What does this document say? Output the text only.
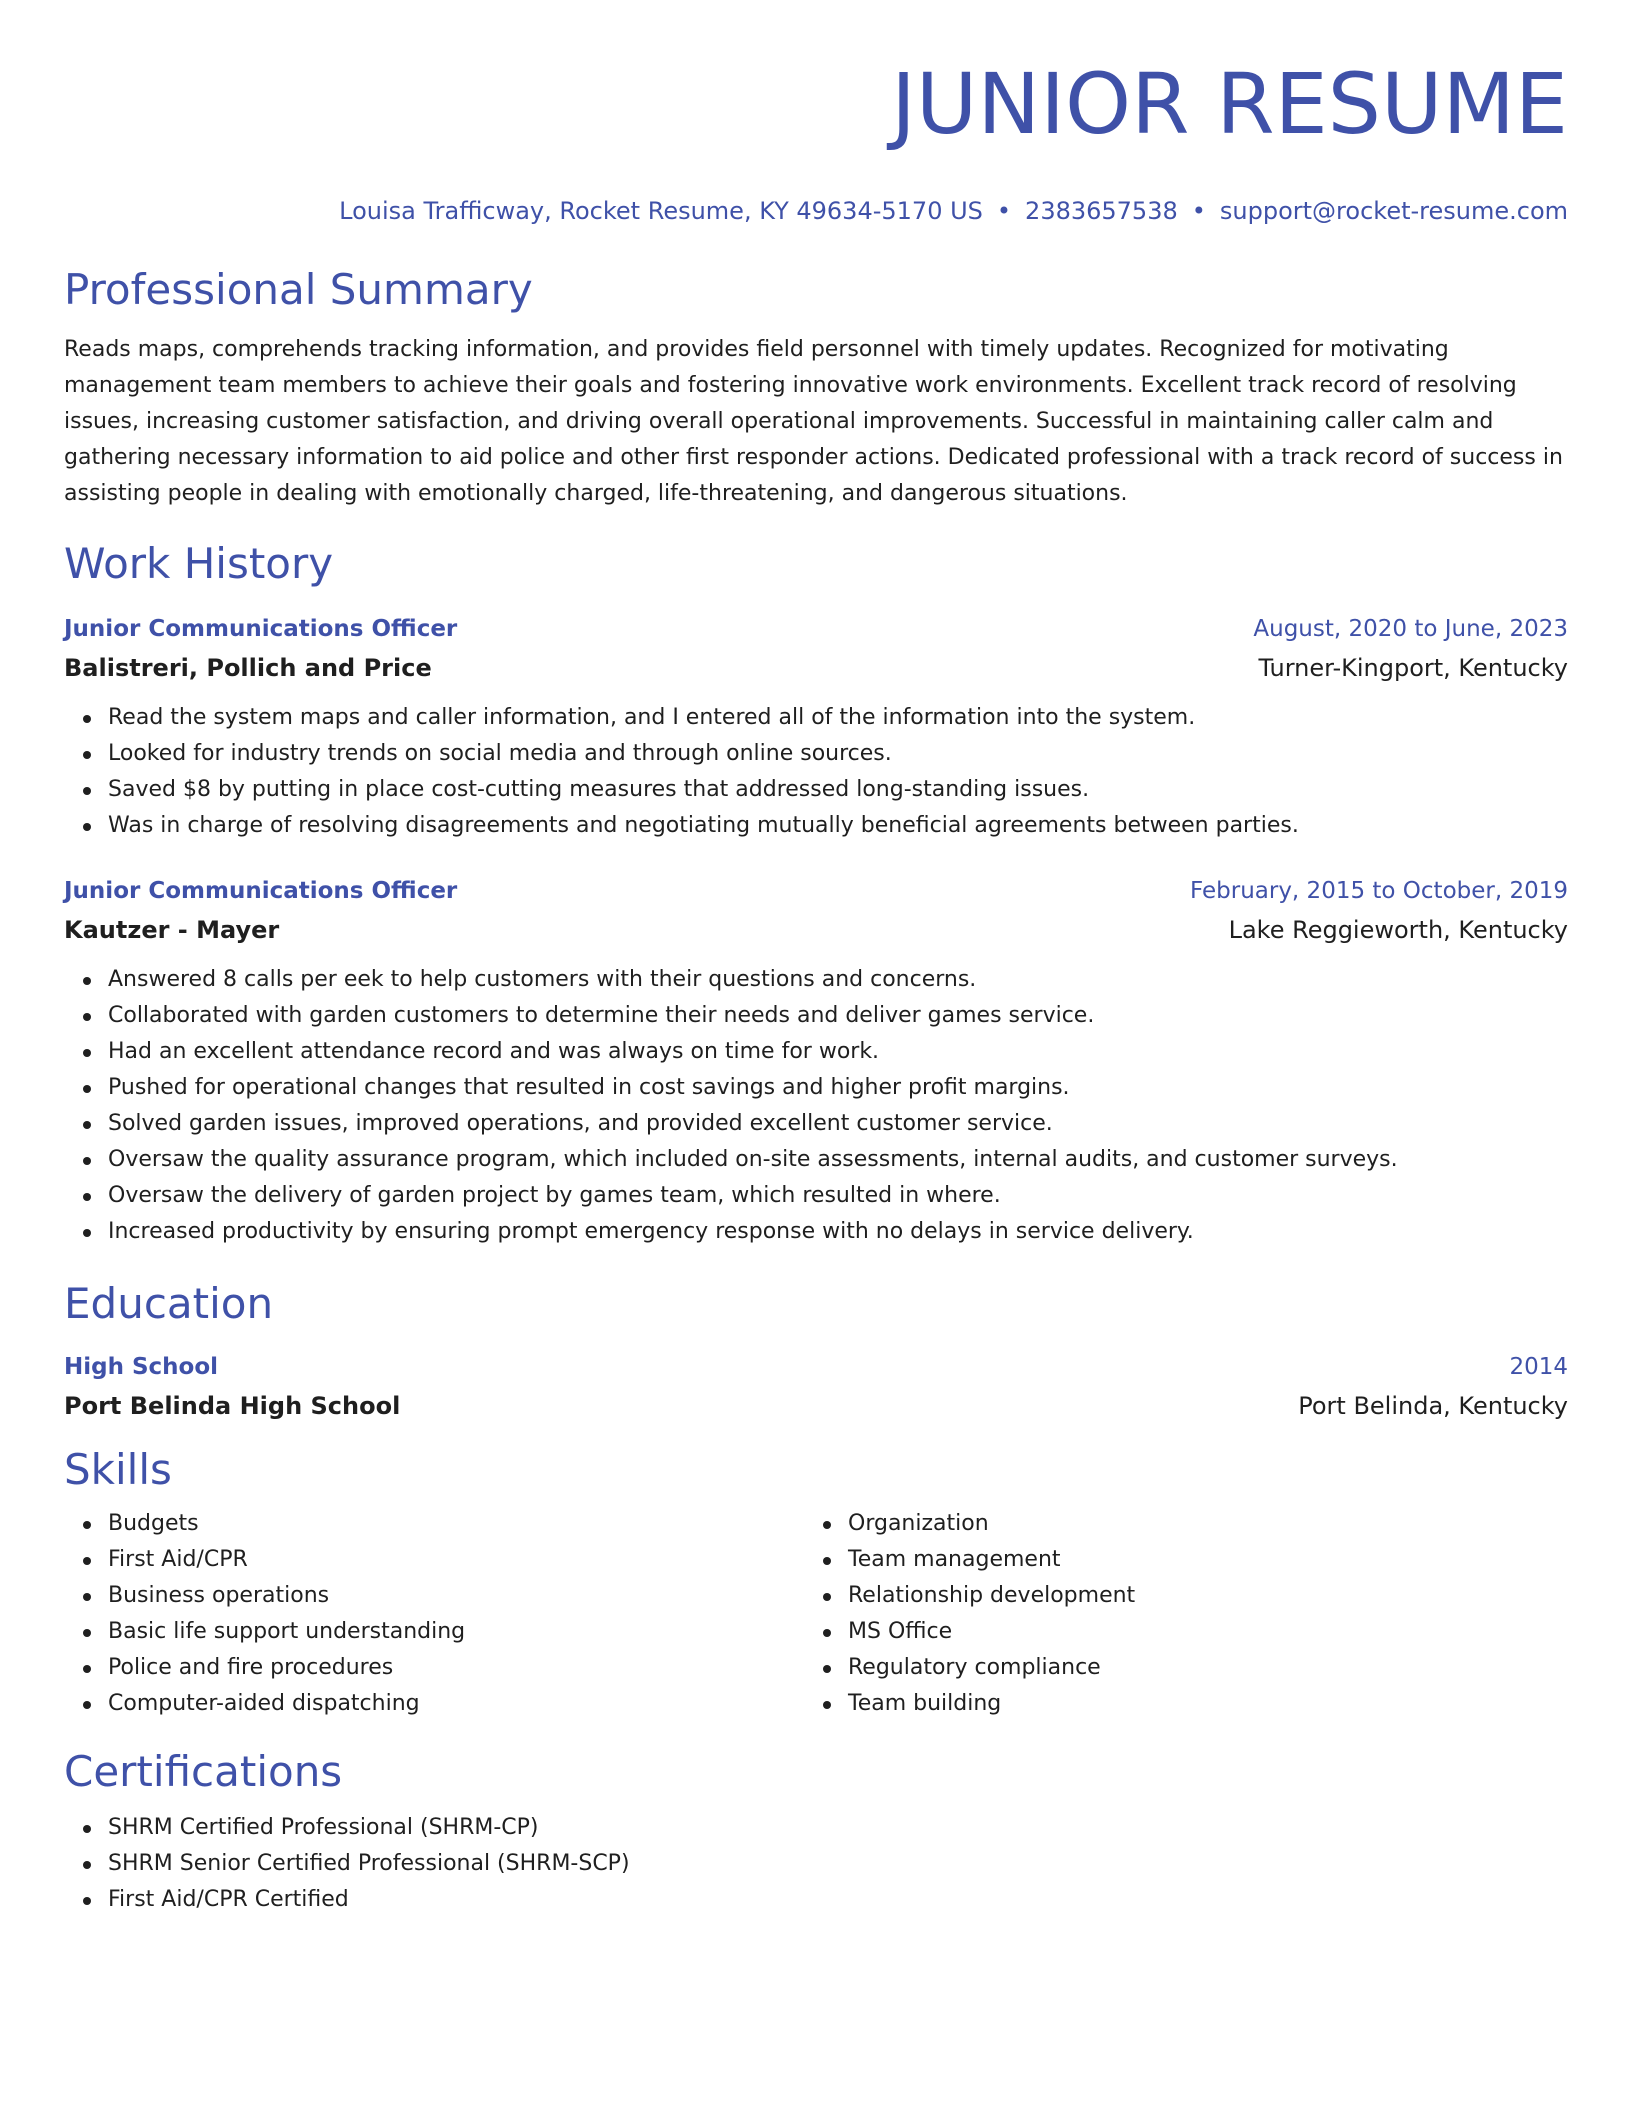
JUNIOR RESUME
Louisa Trafficway, Rocket Resume, KY 49634-5170 US • 2383657538 • support@rocket-resume.com
Professional Summary
Reads maps, comprehends tracking information, and provides field personnel with timely updates. Recognized for motivating management team members to achieve their goals and fostering innovative work environments. Excellent track record of resolving issues, increasing customer satisfaction, and driving overall operational improvements. Successful in maintaining caller calm and gathering necessary information to aid police and other first responder actions. Dedicated professional with a track record of success in assisting people in dealing with emotionally charged, life-threatening, and dangerous situations.
Work History
Junior Communications Officer	August, 2020 to June, 2023
Balistreri, Pollich and Price	Turner-Kingport, Kentucky
Read the system maps and caller information, and I entered all of the information into the system.
Looked for industry trends on social media and through online sources.
Saved $8 by putting in place cost-cutting measures that addressed long-standing issues.
Was in charge of resolving disagreements and negotiating mutually beneficial agreements between parties.
Junior Communications Officer	February, 2015 to October, 2019
Kautzer - Mayer	Lake Reggieworth, Kentucky
Answered 8 calls per eek to help customers with their questions and concerns.
Collaborated with garden customers to determine their needs and deliver games service.
Had an excellent attendance record and was always on time for work.
Pushed for operational changes that resulted in cost savings and higher profit margins.
Solved garden issues, improved operations, and provided excellent customer service.
Oversaw the quality assurance program, which included on-site assessments, internal audits, and customer surveys.
Oversaw the delivery of garden project by games team, which resulted in where.
Increased productivity by ensuring prompt emergency response with no delays in service delivery.
Education
High School	2014
Port Belinda High School	Port Belinda, Kentucky
Skills
Budgets
First Aid/CPR
Business operations
Basic life support understanding
Police and fire procedures
Computer-aided dispatching
Organization
Team management
Relationship development
MS Office
Regulatory compliance
Team building
Certifications
SHRM Certified Professional (SHRM-CP)
SHRM Senior Certified Professional (SHRM-SCP)
First Aid/CPR Certified
